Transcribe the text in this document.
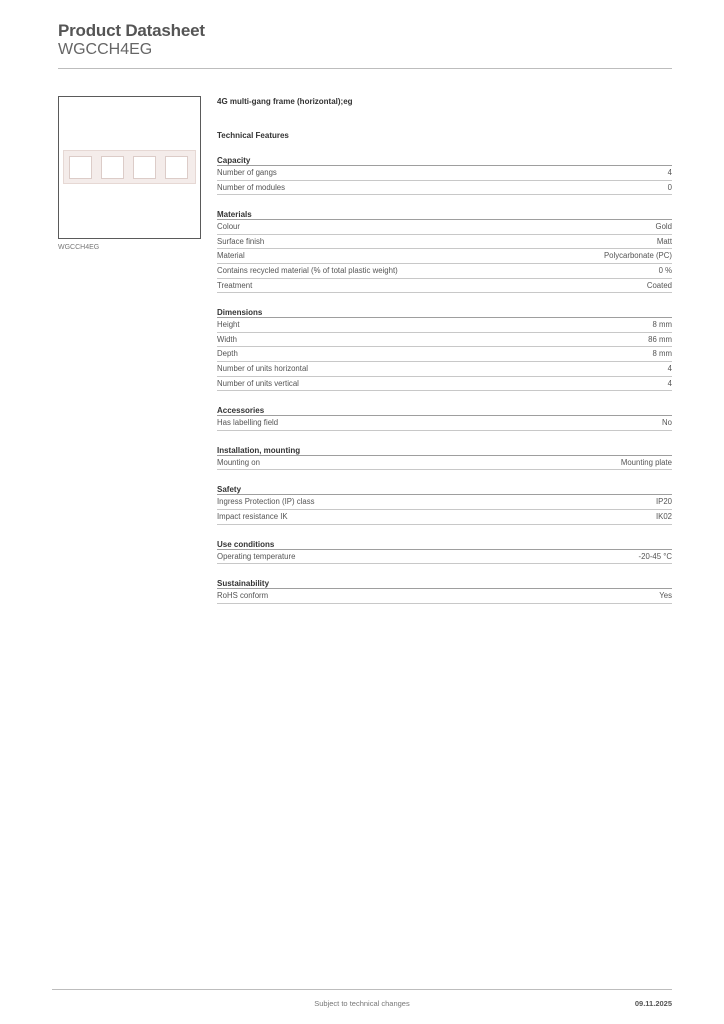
Product Datasheet
WGCCH4EG
WGCCH4EG
4G multi-gang frame (horizontal);eg
Technical Features
Capacity
Number of gangs	4
Number of modules	0
Materials
Colour	Gold
Surface finish	Matt
Material	Polycarbonate (PC)
Contains recycled material (% of total plastic weight)	0 %
Treatment	Coated
Dimensions
Height	8 mm
Width	86 mm
Depth	8 mm
Number of units horizontal	4
Number of units vertical	4
Accessories
Has labelling field	No
Installation, mounting
Mounting on	Mounting plate
Safety
Ingress Protection (IP) class	IP20
Impact resistance IK	IK02
Use conditions
Operating temperature	-20-45 °C
Sustainability
RoHS conform	Yes
Subject to technical changes	09.11.2025
